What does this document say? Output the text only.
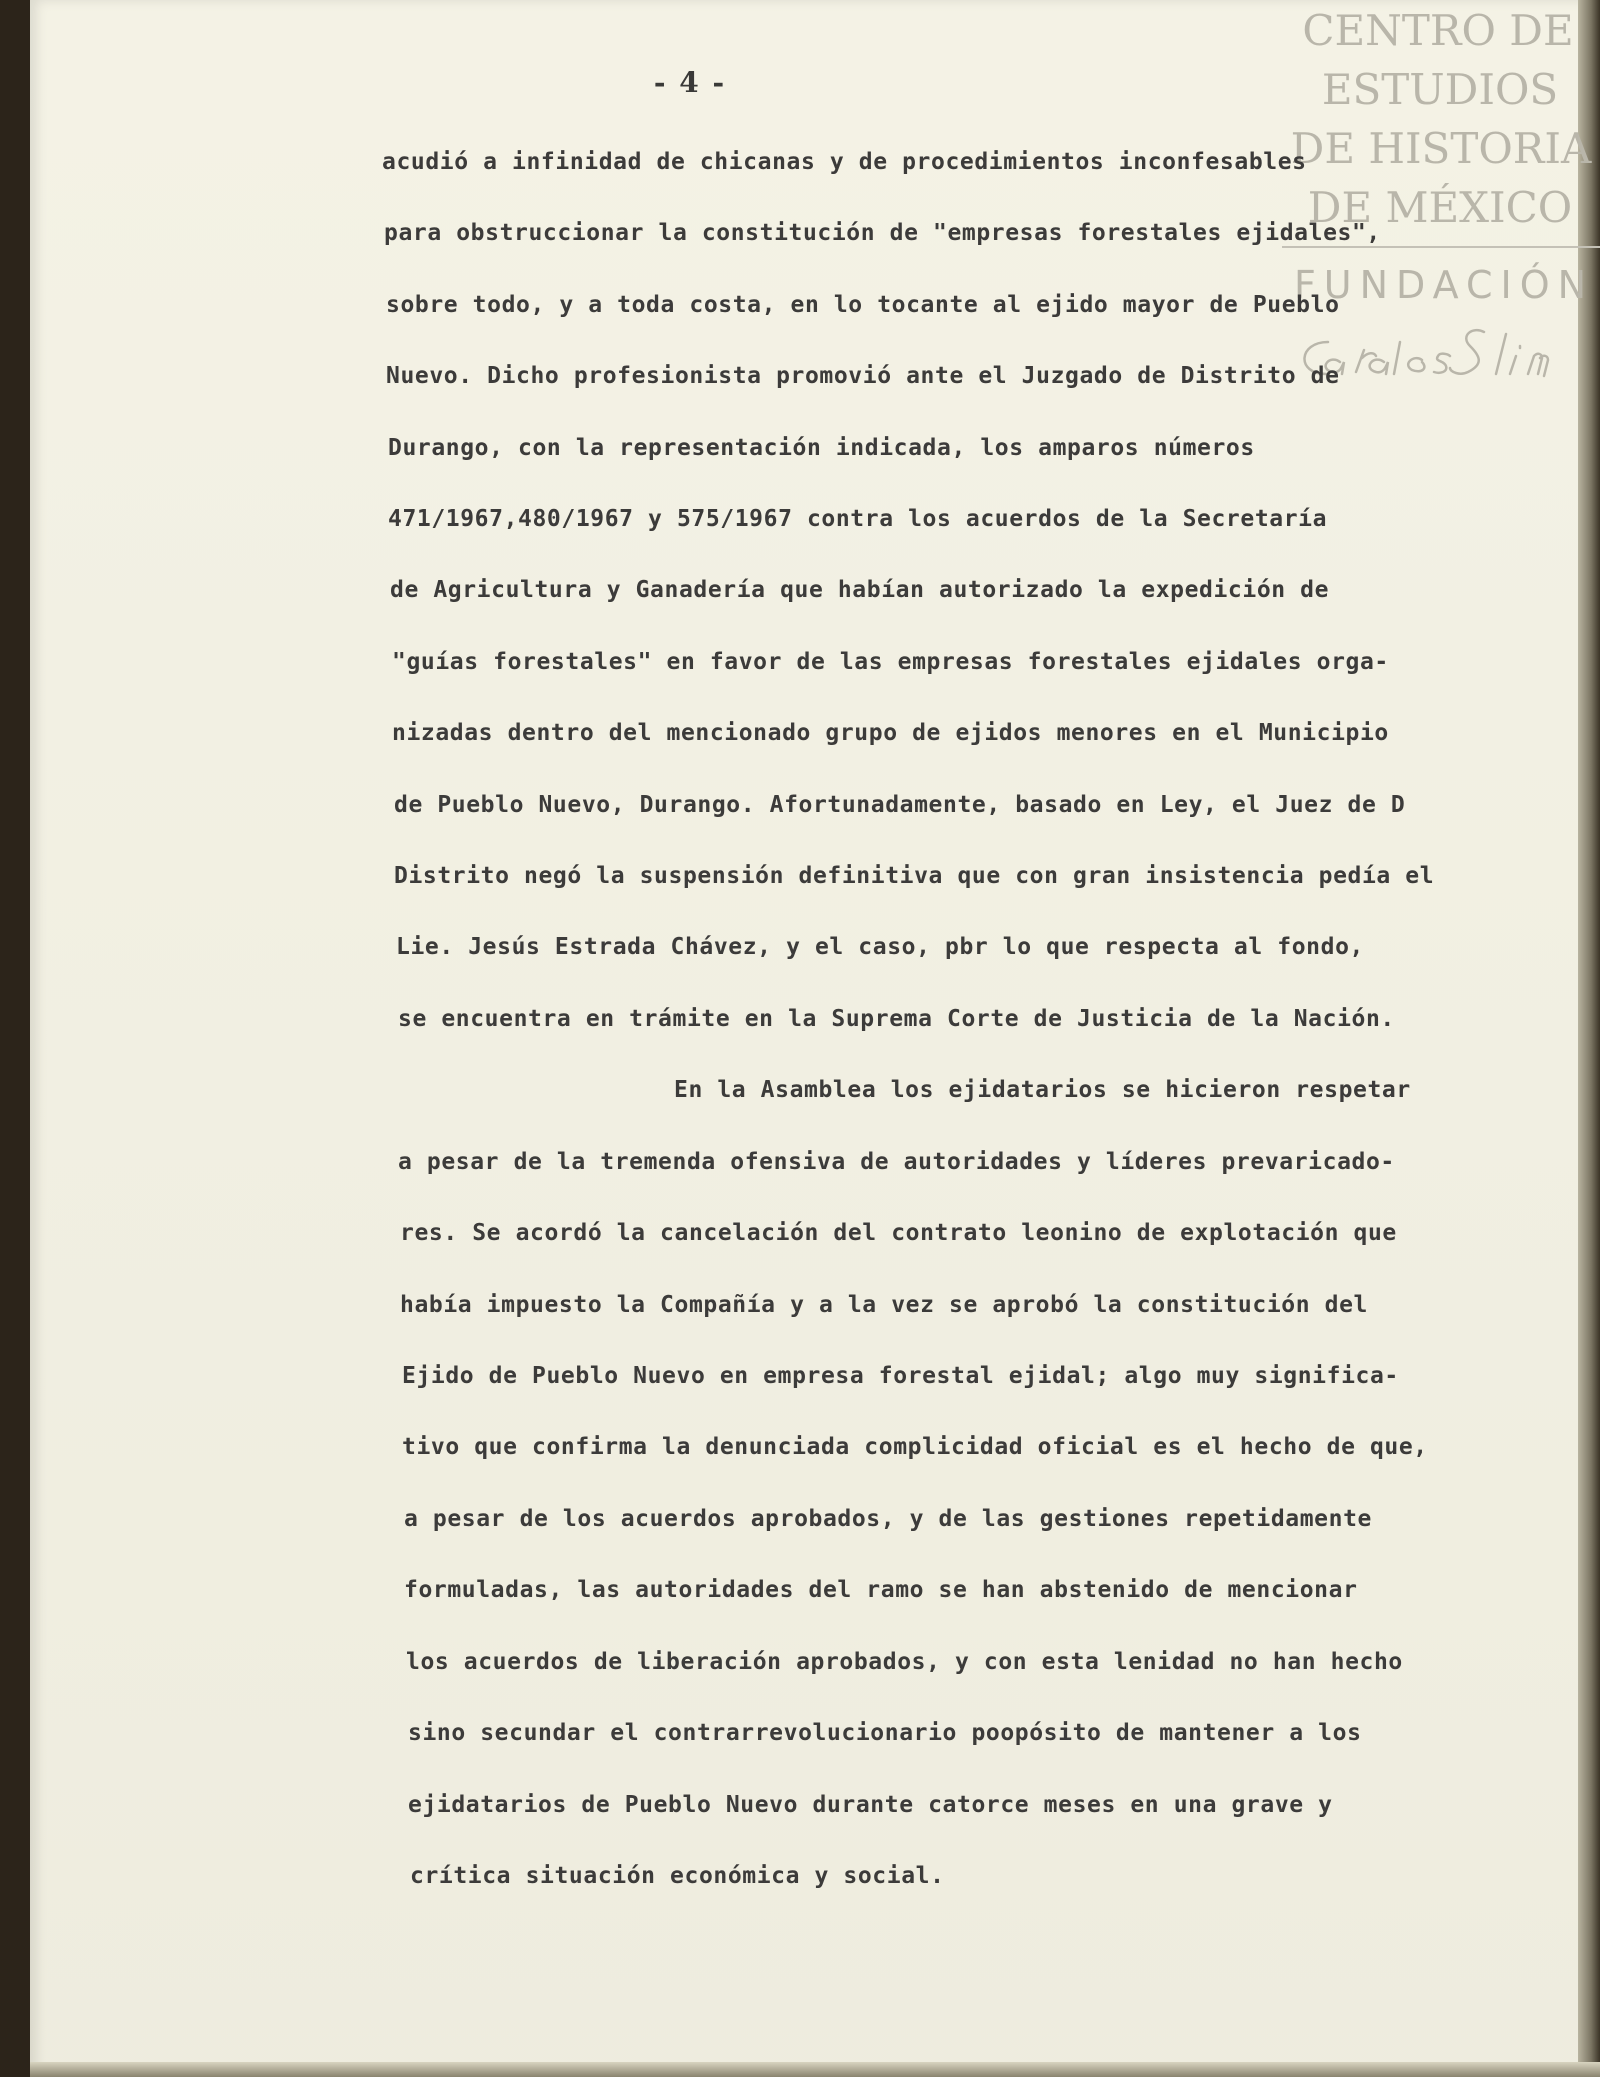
CENTRO DE
ESTUDIOS
DE HISTORIA
DE MÉXICO
FUNDACIÓN
- 4 -

acudió a infinidad de chicanas y de procedimientos inconfesables

para obstruccionar la constitución de "empresas forestales ejidales",

sobre todo, y a toda costa, en lo tocante al ejido mayor de Pueblo

Nuevo. Dicho profesionista promovió ante el Juzgado de Distrito de

Durango, con la representación indicada, los amparos números

471/1967,480/1967 y 575/1967 contra los acuerdos de la Secretaría

de Agricultura y Ganadería que habían autorizado la expedición de

"guías forestales" en favor de las empresas forestales ejidales orga-

nizadas dentro del mencionado grupo de ejidos menores en el Municipio

de Pueblo Nuevo, Durango. Afortunadamente, basado en Ley, el Juez de D

Distrito negó la suspensión definitiva que con gran insistencia pedía el

Lie. Jesús Estrada Chávez, y el caso, pbr lo que respecta al fondo,

se encuentra en trámite en la Suprema Corte de Justicia de la Nación.

En la Asamblea los ejidatarios se hicieron respetar

a pesar de la tremenda ofensiva de autoridades y líderes prevaricado-

res. Se acordó la cancelación del contrato leonino de explotación que

había impuesto la Compañía y a la vez se aprobó la constitución del

Ejido de Pueblo Nuevo en empresa forestal ejidal; algo muy significa-

tivo que confirma la denunciada complicidad oficial es el hecho de que,

a pesar de los acuerdos aprobados, y de las gestiones repetidamente

formuladas, las autoridades del ramo se han abstenido de mencionar

los acuerdos de liberación aprobados, y con esta lenidad no han hecho

sino secundar el contrarrevolucionario poopósito de mantener a los

ejidatarios de Pueblo Nuevo durante catorce meses en una grave y

crítica situación económica y social.
